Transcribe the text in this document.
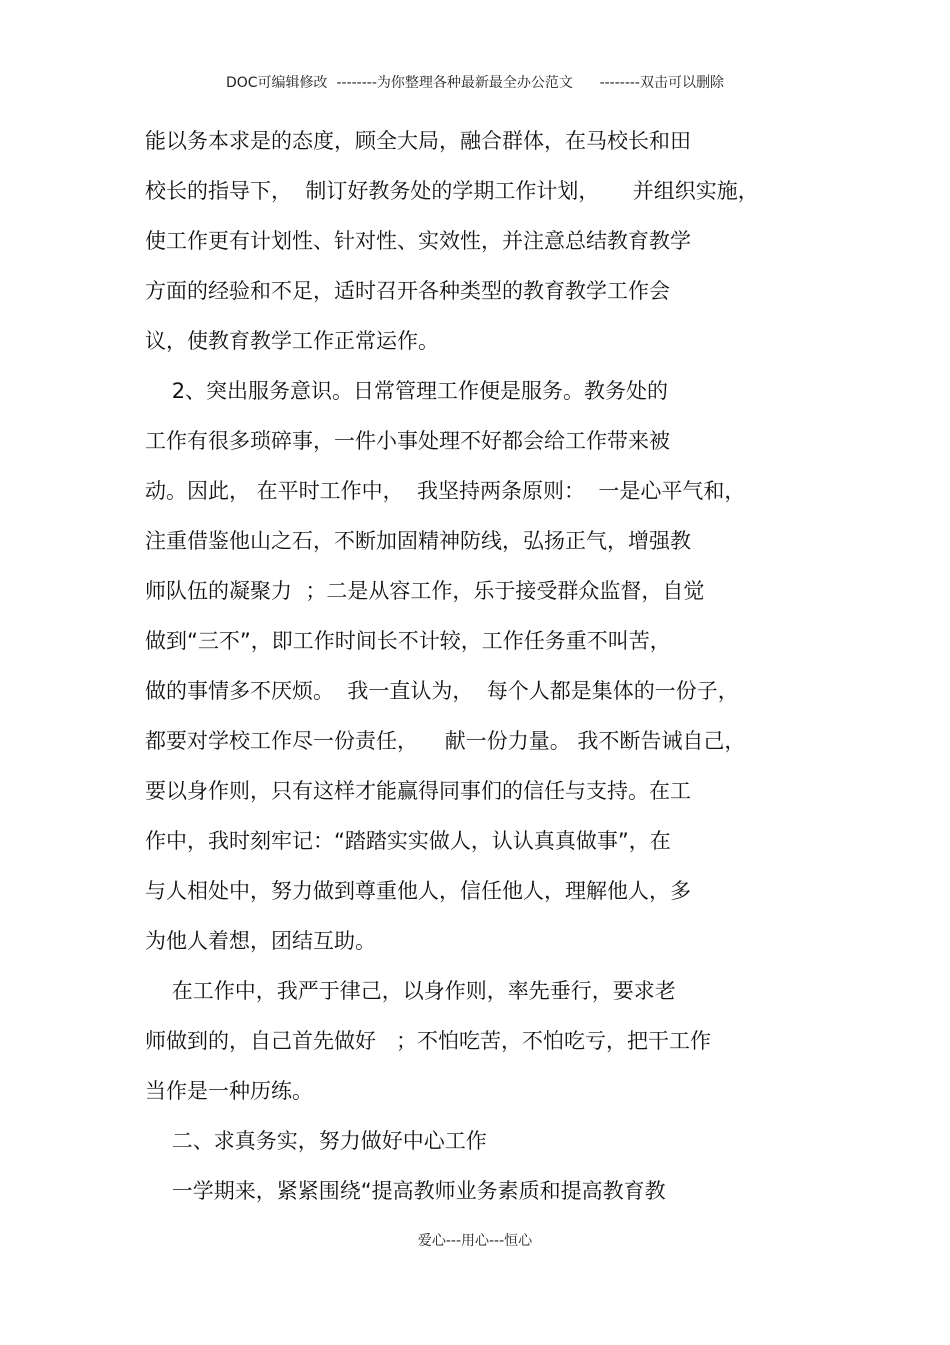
DOC可编辑修改  --------为你整理各种最新最全办公范文      --------双击可以删除
能以务本求是的态度，顾全大局，融合群体，在马校长和田
校长的指导下，  制订好教务处的学期工作计划，     并组织实施，
使工作更有计划性、针对性、实效性，并注意总结教育教学
方面的经验和不足，适时召开各种类型的教育教学工作会
议，使教育教学工作正常运作。
2、突出服务意识。日常管理工作便是服务。教务处的
工作有很多琐碎事，一件小事处理不好都会给工作带来被
动。因此， 在平时工作中，  我坚持两条原则：  一是心平气和，
注重借鉴他山之石，不断加固精神防线，弘扬正气，增强教
师队伍的凝聚力  ；二是从容工作，乐于接受群众监督，自觉
做到“三不”，即工作时间长不计较，工作任务重不叫苦，
做的事情多不厌烦。  我一直认为，  每个人都是集体的一份子，
都要对学校工作尽一份责任，    献一份力量。 我不断告诫自己，
要以身作则，只有这样才能赢得同事们的信任与支持。在工
作中，我时刻牢记：“踏踏实实做人，认认真真做事”，在
与人相处中，努力做到尊重他人，信任他人，理解他人，多
为他人着想，团结互助。
在工作中，我严于律己，以身作则，率先垂行，要求老
师做到的，自己首先做好   ；不怕吃苦，不怕吃亏，把干工作
当作是一种历练。
二、求真务实，努力做好中心工作
一学期来，紧紧围绕“提高教师业务素质和提高教育教
爱心---用心---恒心
